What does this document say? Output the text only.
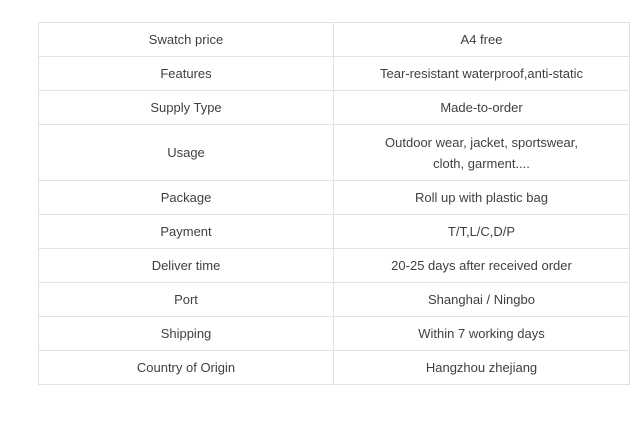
Swatch price	A4 free
Features	Tear-resistant waterproof,anti-static
Supply Type	Made-to-order
Usage	Outdoor wear, jacket, sportswear,
cloth, garment....

Package	Roll up with plastic bag
Payment	T/T,L/C,D/P
Deliver time	20-25 days after received order
Port	Shanghai / Ningbo
Shipping	Within 7 working days
Country of Origin	Hangzhou zhejiang
